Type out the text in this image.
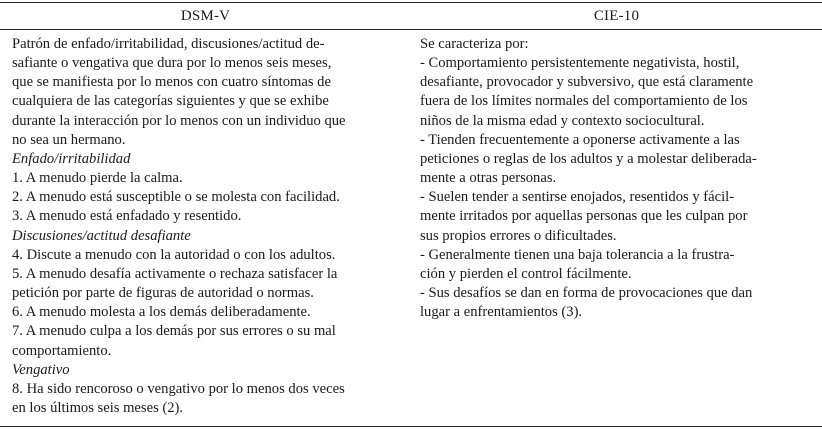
DSM-V	CIE-10
Patrón de enfado/irritabilidad, discusiones/actitud de-
safiante o vengativa que dura por lo menos seis meses,
que se manifiesta por lo menos con cuatro síntomas de
cualquiera de las categorías siguientes y que se exhibe
durante la interacción por lo menos con un individuo que
no sea un hermano.
Enfado/irritabilidad
1. A menudo pierde la calma.
2. A menudo está susceptible o se molesta con facilidad.
3. A menudo está enfadado y resentido.
Discusiones/actitud desafiante
4. Discute a menudo con la autoridad o con los adultos.
5. A menudo desafía activamente o rechaza satisfacer la
petición por parte de figuras de autoridad o normas.
6. A menudo molesta a los demás deliberadamente.
7. A menudo culpa a los demás por sus errores o su mal
comportamiento.
Vengativo
8. Ha sido rencoroso o vengativo por lo menos dos veces
en los últimos seis meses (2).
Se caracteriza por:
- Comportamiento persistentemente negativista, hostil,
desafiante, provocador y subversivo, que está claramente
fuera de los límites normales del comportamiento de los
niños de la misma edad y contexto sociocultural.
- Tienden frecuentemente a oponerse activamente a las
peticiones o reglas de los adultos y a molestar deliberada-
mente a otras personas.
- Suelen tender a sentirse enojados, resentidos y fácil-
mente irritados por aquellas personas que les culpan por
sus propios errores o dificultades.
- Generalmente tienen una baja tolerancia a la frustra-
ción y pierden el control fácilmente.
- Sus desafíos se dan en forma de provocaciones que dan
lugar a enfrentamientos (3).
